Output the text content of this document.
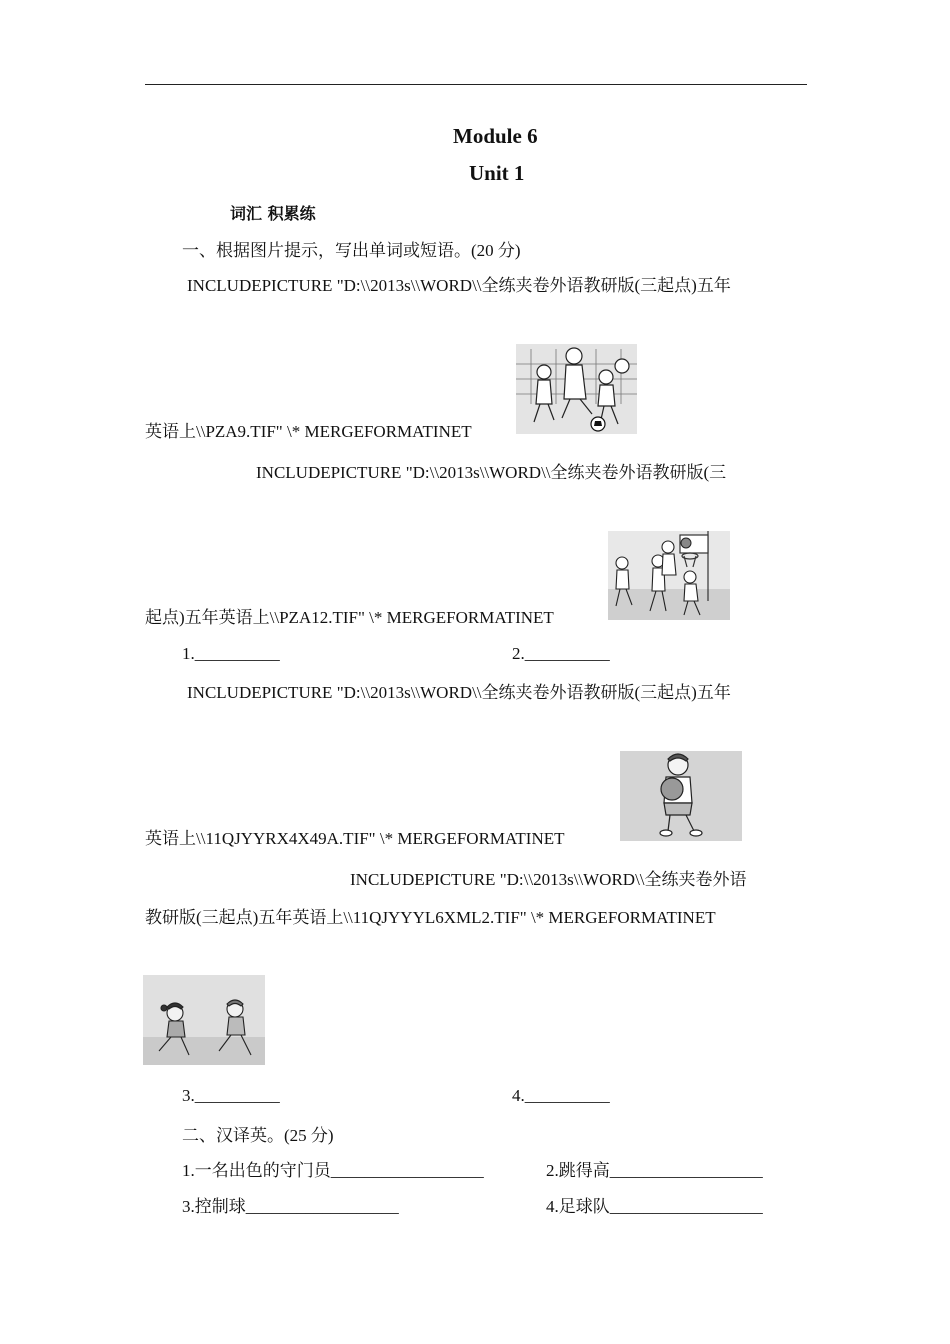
Module 6
Unit 1
词汇 积累练
一、根据图片提示，写出单词或短语。(20 分)
INCLUDEPICTURE "D:\\2013s\\WORD\\全练夹卷外语教研版(三起点)五年
英语上\\PZA9.TIF" \* MERGEFORMATINET
INCLUDEPICTURE "D:\\2013s\\WORD\\全练夹卷外语教研版(三
起点)五年英语上\\PZA12.TIF" \* MERGEFORMATINET
1.__________	2.__________
INCLUDEPICTURE "D:\\2013s\\WORD\\全练夹卷外语教研版(三起点)五年
英语上\\11QJYYRX4X49A.TIF" \* MERGEFORMATINET
INCLUDEPICTURE "D:\\2013s\\WORD\\全练夹卷外语
教研版(三起点)五年英语上\\11QJYYYL6XML2.TIF" \* MERGEFORMATINET
3.__________	4.__________
二、汉译英。(25 分)
1.一名出色的守门员__________________	2.跳得高__________________
3.控制球__________________	4.足球队__________________
